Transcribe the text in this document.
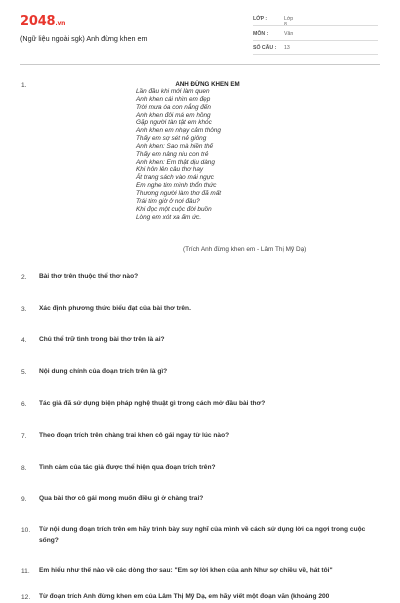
2048.vn
(Ngữ liệu ngoài sgk) Anh đừng khen em
LỚP :	Lớp 8
MÔN :	Văn
SỐ CÂU :	13
1.	ANH ĐỪNG KHEN EM
Lần đầu khi mới làm quen
Anh khen cái nhìn em đẹp
Trời mưa óa con nắng đến
Anh khen đôi má em hồng
Gặp người tàn tật em khóc
Anh khen em nhạy cảm thông
Thấy em sợ sét nẻ giông
Anh khen: Sao mà hiền thế
Thấy em nâng niu con trẻ
Anh khen: Em thật dịu dàng
Khi hôn lên câu thơ hay
Ất trang sách vào mái ngực
Em nghe tim mình thổn thức
Thương người làm thơ đã mất
Trái tim giờ ở nơi đâu?
Khi đọc một cuộc đời buồn
Lòng em xót xa ấm ức.
(Trích Anh đừng khen em - Lâm Thị Mỹ Dạ)
2. Bài thơ trên thuộc thể thơ nào?
3. Xác định phương thức biểu đạt của bài thơ trên.
4. Chủ thể trữ tình trong bài thơ trên là ai?
5. Nội dung chính của đoạn trích trên là gì?
6. Tác giả đã sử dụng biện pháp nghệ thuật gì trong cách mở đầu bài thơ?
7. Theo đoạn trích trên chàng trai khen cô gái ngay từ lúc nào?
8. Tình cảm của tác giả được thể hiện qua đoạn trích trên?
9. Qua bài thơ cô gái mong muốn điều gì ở chàng trai?
10. Từ nội dung đoạn trích trên em hãy trình bày suy nghĩ của mình về cách sử dụng lời ca ngợi trong cuộc sống?
11. Em hiểu như thế nào về các dòng thơ sau: "Em sợ lời khen của anh Như sợ chiều về, hát tôi"
12. Từ đoạn trích Anh đừng khen em của Lâm Thị Mỹ Dạ, em hãy viết một đoạn văn (khoảng 200
